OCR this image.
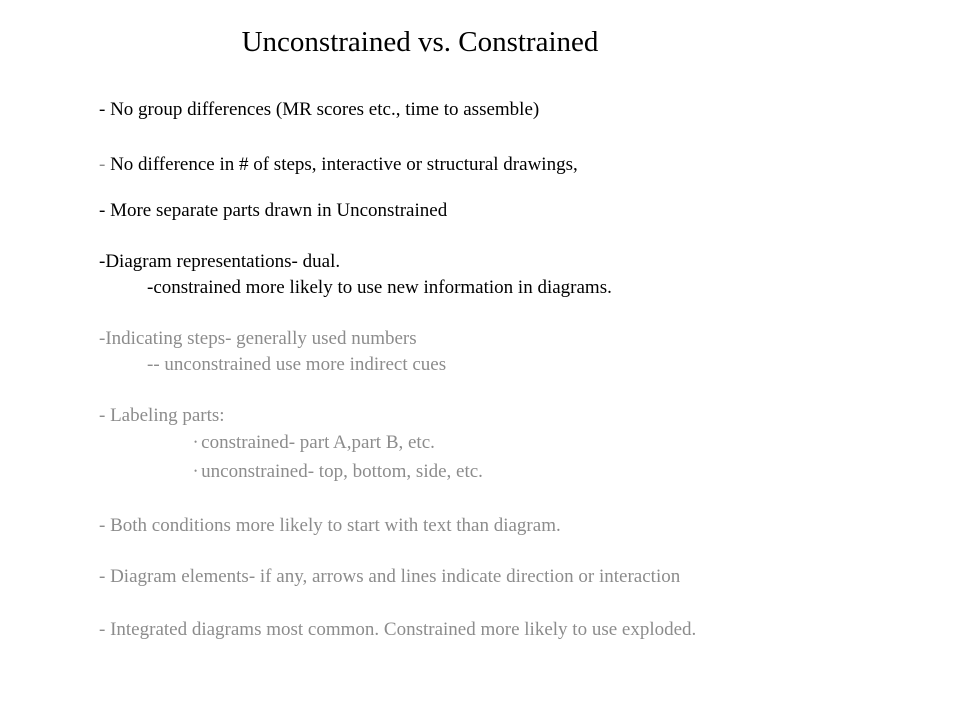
Unconstrained vs. Constrained
- No group differences (MR scores etc., time to assemble)
- No difference in # of steps, interactive or structural drawings,
- More separate parts drawn in Unconstrained
-Diagram representations- dual.
-constrained more likely to use new information in diagrams.
-Indicating steps- generally used numbers
-- unconstrained use more indirect cues
- Labeling parts:
• constrained- part A,part B, etc.
• unconstrained- top, bottom, side, etc.
- Both conditions more likely to start with text than diagram.
- Diagram elements- if any, arrows and lines indicate direction or interaction
- Integrated diagrams most common. Constrained more likely to use exploded.
